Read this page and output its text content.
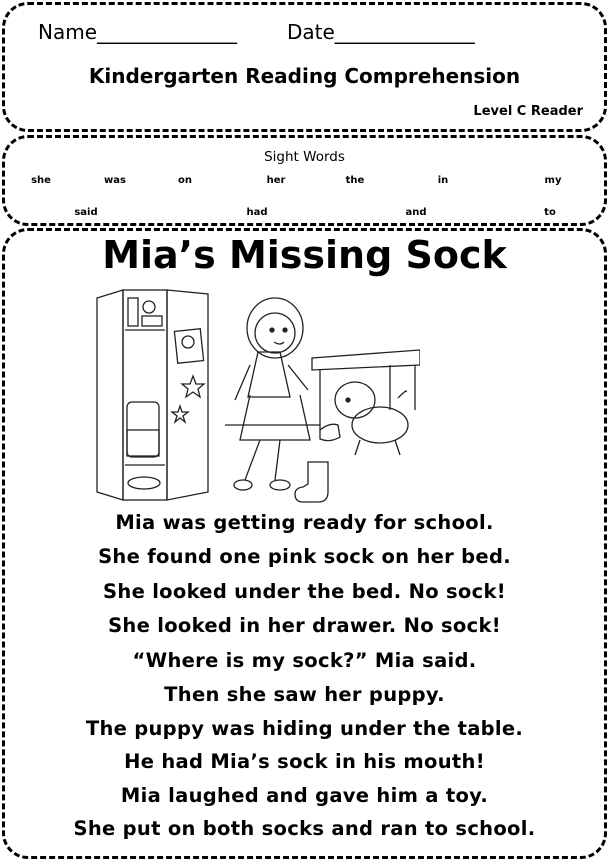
Name______________ Date______________
Kindergarten Reading Comprehension
Level C Reader
Sight Words
she	was	on	her	the	in	my
said	had	and	to
Mia’s Missing Sock
Mia was getting ready for school.
She found one pink sock on her bed.
She looked under the bed. No sock!
She looked in her drawer. No sock!
“Where is my sock?” Mia said.
Then she saw her puppy.
The puppy was hiding under the table.
He had Mia’s sock in his mouth!
Mia laughed and gave him a toy.
She put on both socks and ran to school.
